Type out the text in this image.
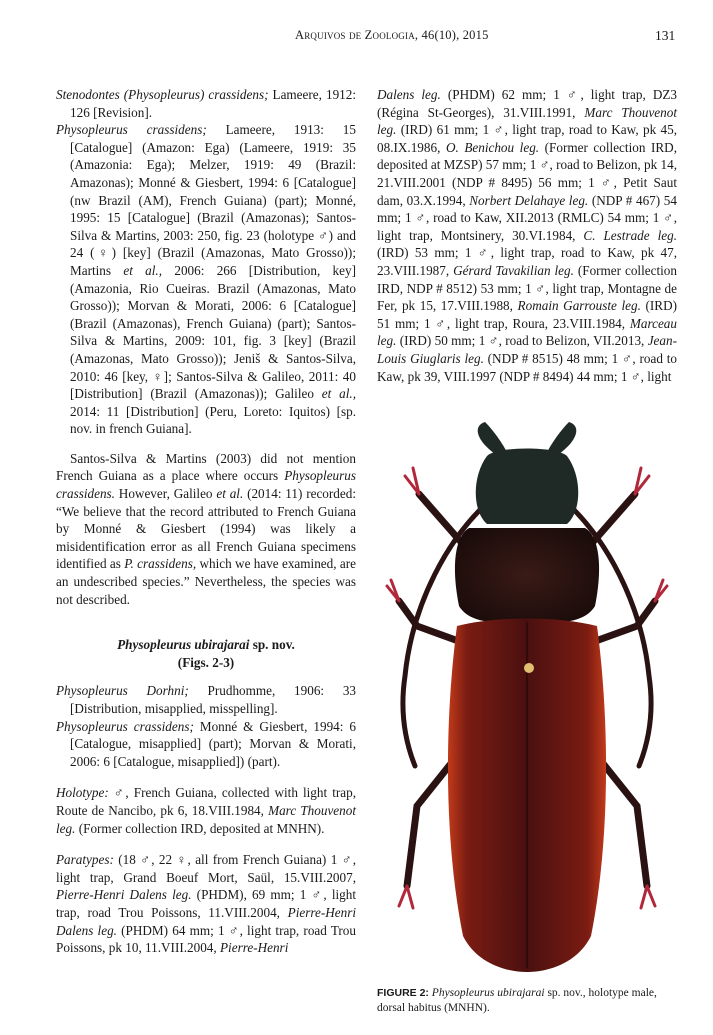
Arquivos de Zoologia, 46(10), 2015	131

Stenodontes (Physopleurus) crassidens; Lameere, 1912: 126 [Revision].

Physopleurus crassidens; Lameere, 1913: 15 [Catalogue] (Amazon: Ega) (Lameere, 1919: 35 (Amazonia: Ega); Melzer, 1919: 49 (Brazil: Amazonas); Monné & Giesbert, 1994: 6 [Catalogue] (nw Brazil (AM), French Guiana) (part); Monné, 1995: 15 [Catalogue] (Brazil (Amazonas); Santos-Silva & Martins, 2003: 250, fig. 23 (holotype ♂) and 24 (♀) [key] (Brazil (Amazonas, Mato Grosso)); Martins et al., 2006: 266 [Distribution, key] (Amazonia, Rio Cueiras. Brazil (Amazonas, Mato Grosso)); Morvan & Morati, 2006: 6 [Catalogue] (Brazil (Amazonas), French Guiana) (part); Santos-Silva & Martins, 2009: 101, fig. 3 [key] (Brazil (Amazonas, Mato Grosso)); Jeniš & Santos-Silva, 2010: 46 [key, ♀]; Santos-Silva & Galileo, 2011: 40 [Distribution] (Brazil (Amazonas)); Galileo et al., 2014: 11 [Distribution] (Peru, Loreto: Iquitos) [sp. nov. in french Guiana].

Santos-Silva & Martins (2003) did not mention French Guiana as a place where occurs Physopleurus crassidens. However, Galileo et al. (2014: 11) recorded: “We believe that the record attributed to French Guiana by Monné & Giesbert (1994) was likely a misidentification error as all French Guiana specimens identified as P. crassidens, which we have examined, are an undescribed species.” Nevertheless, the species was not described.

Physopleurus ubirajarai sp. nov.

(Figs. 2-3)

Physopleurus Dorhni; Prudhomme, 1906: 33 [Distribution, misapplied, misspelling].

Physopleurus crassidens; Monné & Giesbert, 1994: 6 [Catalogue, misapplied] (part); Morvan & Morati, 2006: 6 [Catalogue, misapplied]) (part).

Holotype: ♂, French Guiana, collected with light trap, Route de Nancibo, pk 6, 18.VIII.1984, Marc Thouvenot leg. (Former collection IRD, deposited at MNHN).

Paratypes: (18 ♂, 22 ♀, all from French Guiana) 1 ♂, light trap, Grand Boeuf Mort, Saül, 15.VIII.2007, Pierre-Henri Dalens leg. (PHDM), 69 mm; 1 ♂, light trap, road Trou Poissons, 11.VIII.2004, Pierre-Henri Dalens leg. (PHDM) 64 mm; 1 ♂, light trap, road Trou Poissons, pk 10, 11.VIII.2004, Pierre-Henri

Dalens leg. (PHDM) 62 mm; 1 ♂, light trap, DZ3 (Régina St-Georges), 31.VIII.1991, Marc Thouvenot leg. (IRD) 61 mm; 1 ♂, light trap, road to Kaw, pk 45, 08.IX.1986, O. Benichou leg. (Former collection IRD, deposited at MZSP) 57 mm; 1 ♂, road to Belizon, pk 14, 21.VIII.2001 (NDP # 8495) 56 mm; 1 ♂, Petit Saut dam, 03.X.1994, Norbert Delahaye leg. (NDP # 467) 54 mm; 1 ♂, road to Kaw, XII.2013 (RMLC) 54 mm; 1 ♂, light trap, Montsinery, 30.VI.1984, C. Lestrade leg. (IRD) 53 mm; 1 ♂, light trap, road to Kaw, pk 47, 23.VIII.1987, Gérard Tavakilian leg. (Former collection IRD, NDP # 8512) 53 mm; 1 ♂, light trap, Montagne de Fer, pk 15, 17.VIII.1988, Romain Garrouste leg. (IRD) 51 mm; 1 ♂, light trap, Roura, 23.VIII.1984, Marceau leg. (IRD) 50 mm; 1 ♂, road to Belizon, VII.2013, Jean-Louis Giuglaris leg. (NDP # 8515) 48 mm; 1 ♂, road to Kaw, pk 39, VIII.1997 (NDP # 8494) 44 mm; 1 ♂, light

FIGURE 2: Physopleurus ubirajarai sp. nov., holotype male, dorsal habitus (MNHN).
